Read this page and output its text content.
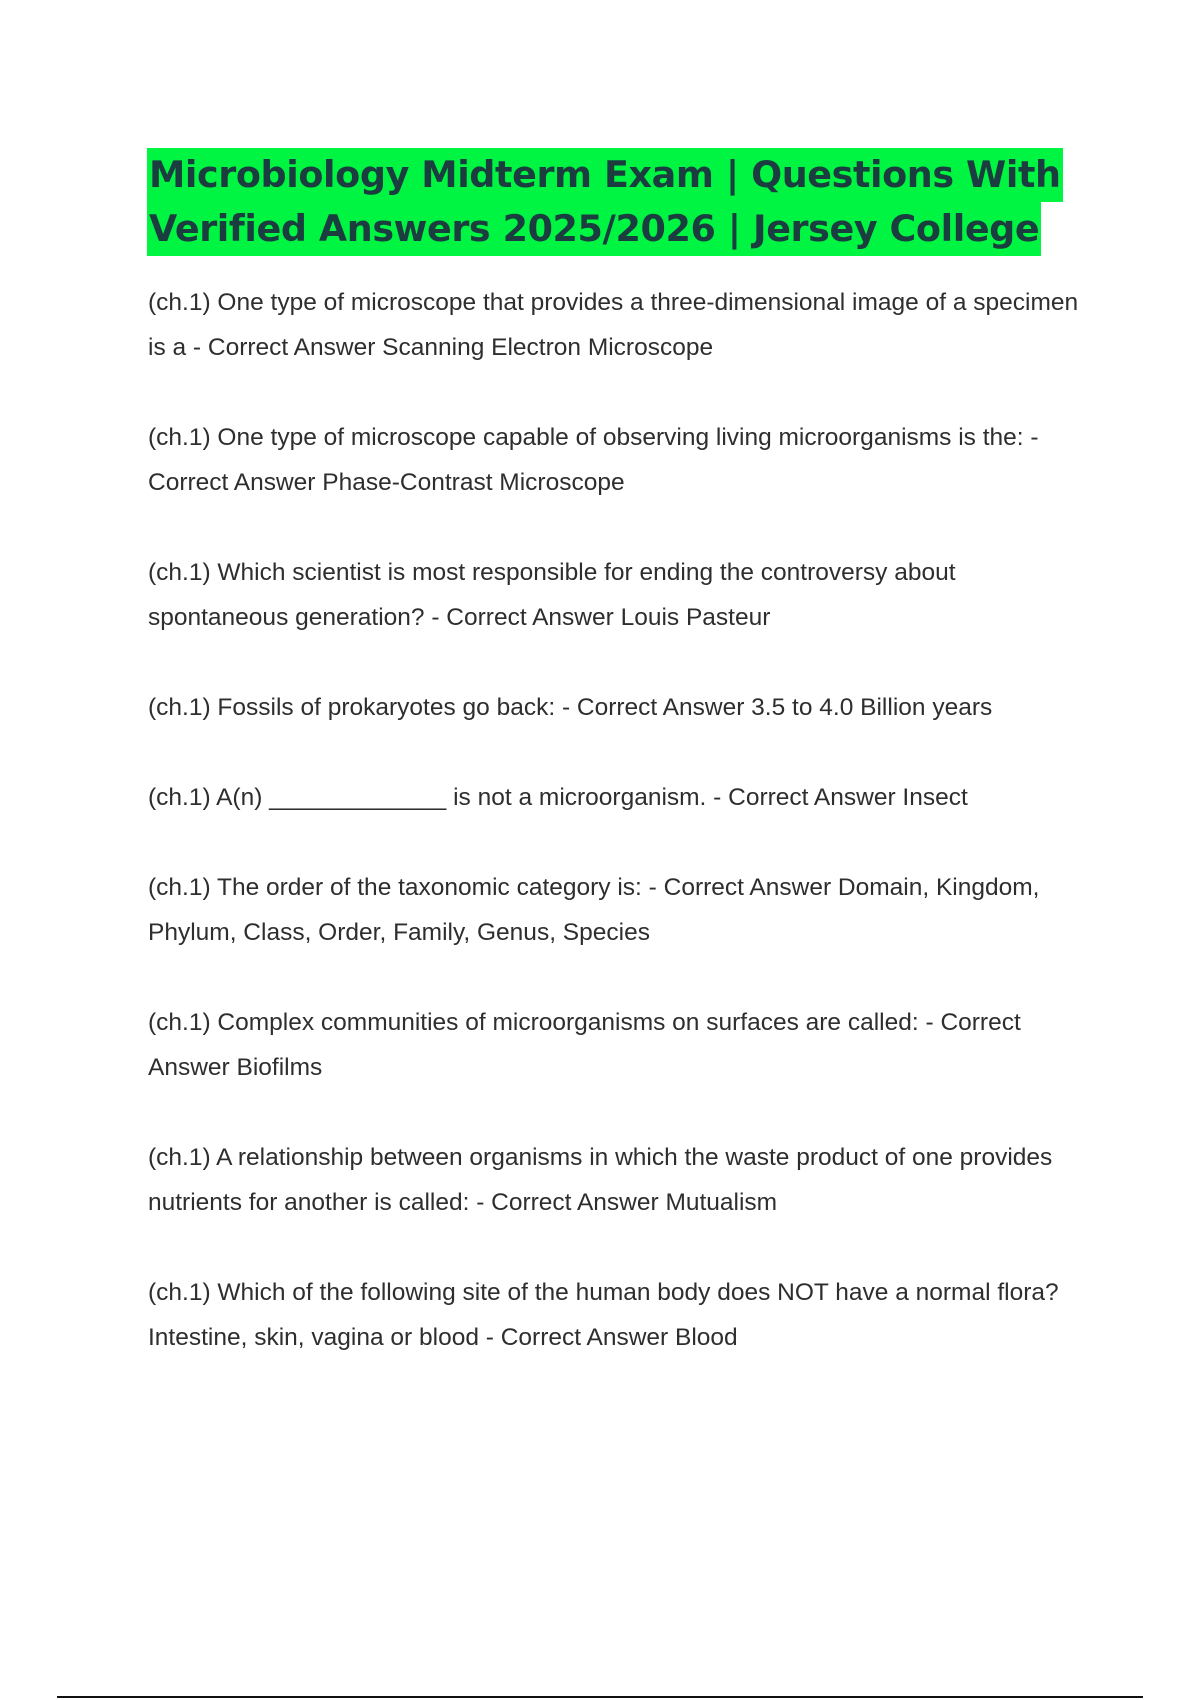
Microbiology Midterm Exam | Questions With
Verified Answers 2025/2026 | Jersey College
(ch.1) One type of microscope that provides a three-dimensional image of a specimen is a - Correct Answer Scanning Electron Microscope
(ch.1) One type of microscope capable of observing living microorganisms is the: - Correct Answer Phase-Contrast Microscope
(ch.1) Which scientist is most responsible for ending the controversy about spontaneous generation? - Correct Answer Louis Pasteur
(ch.1) Fossils of prokaryotes go back: - Correct Answer 3.5 to 4.0 Billion years
(ch.1) A(n) _____________ is not a microorganism. - Correct Answer Insect
(ch.1) The order of the taxonomic category is: - Correct Answer Domain, Kingdom, Phylum, Class, Order, Family, Genus, Species
(ch.1) Complex communities of microorganisms on surfaces are called: - Correct Answer Biofilms
(ch.1) A relationship between organisms in which the waste product of one provides nutrients for another is called: - Correct Answer Mutualism
(ch.1) Which of the following site of the human body does NOT have a normal flora?Intestine, skin, vagina or blood - Correct Answer Blood
